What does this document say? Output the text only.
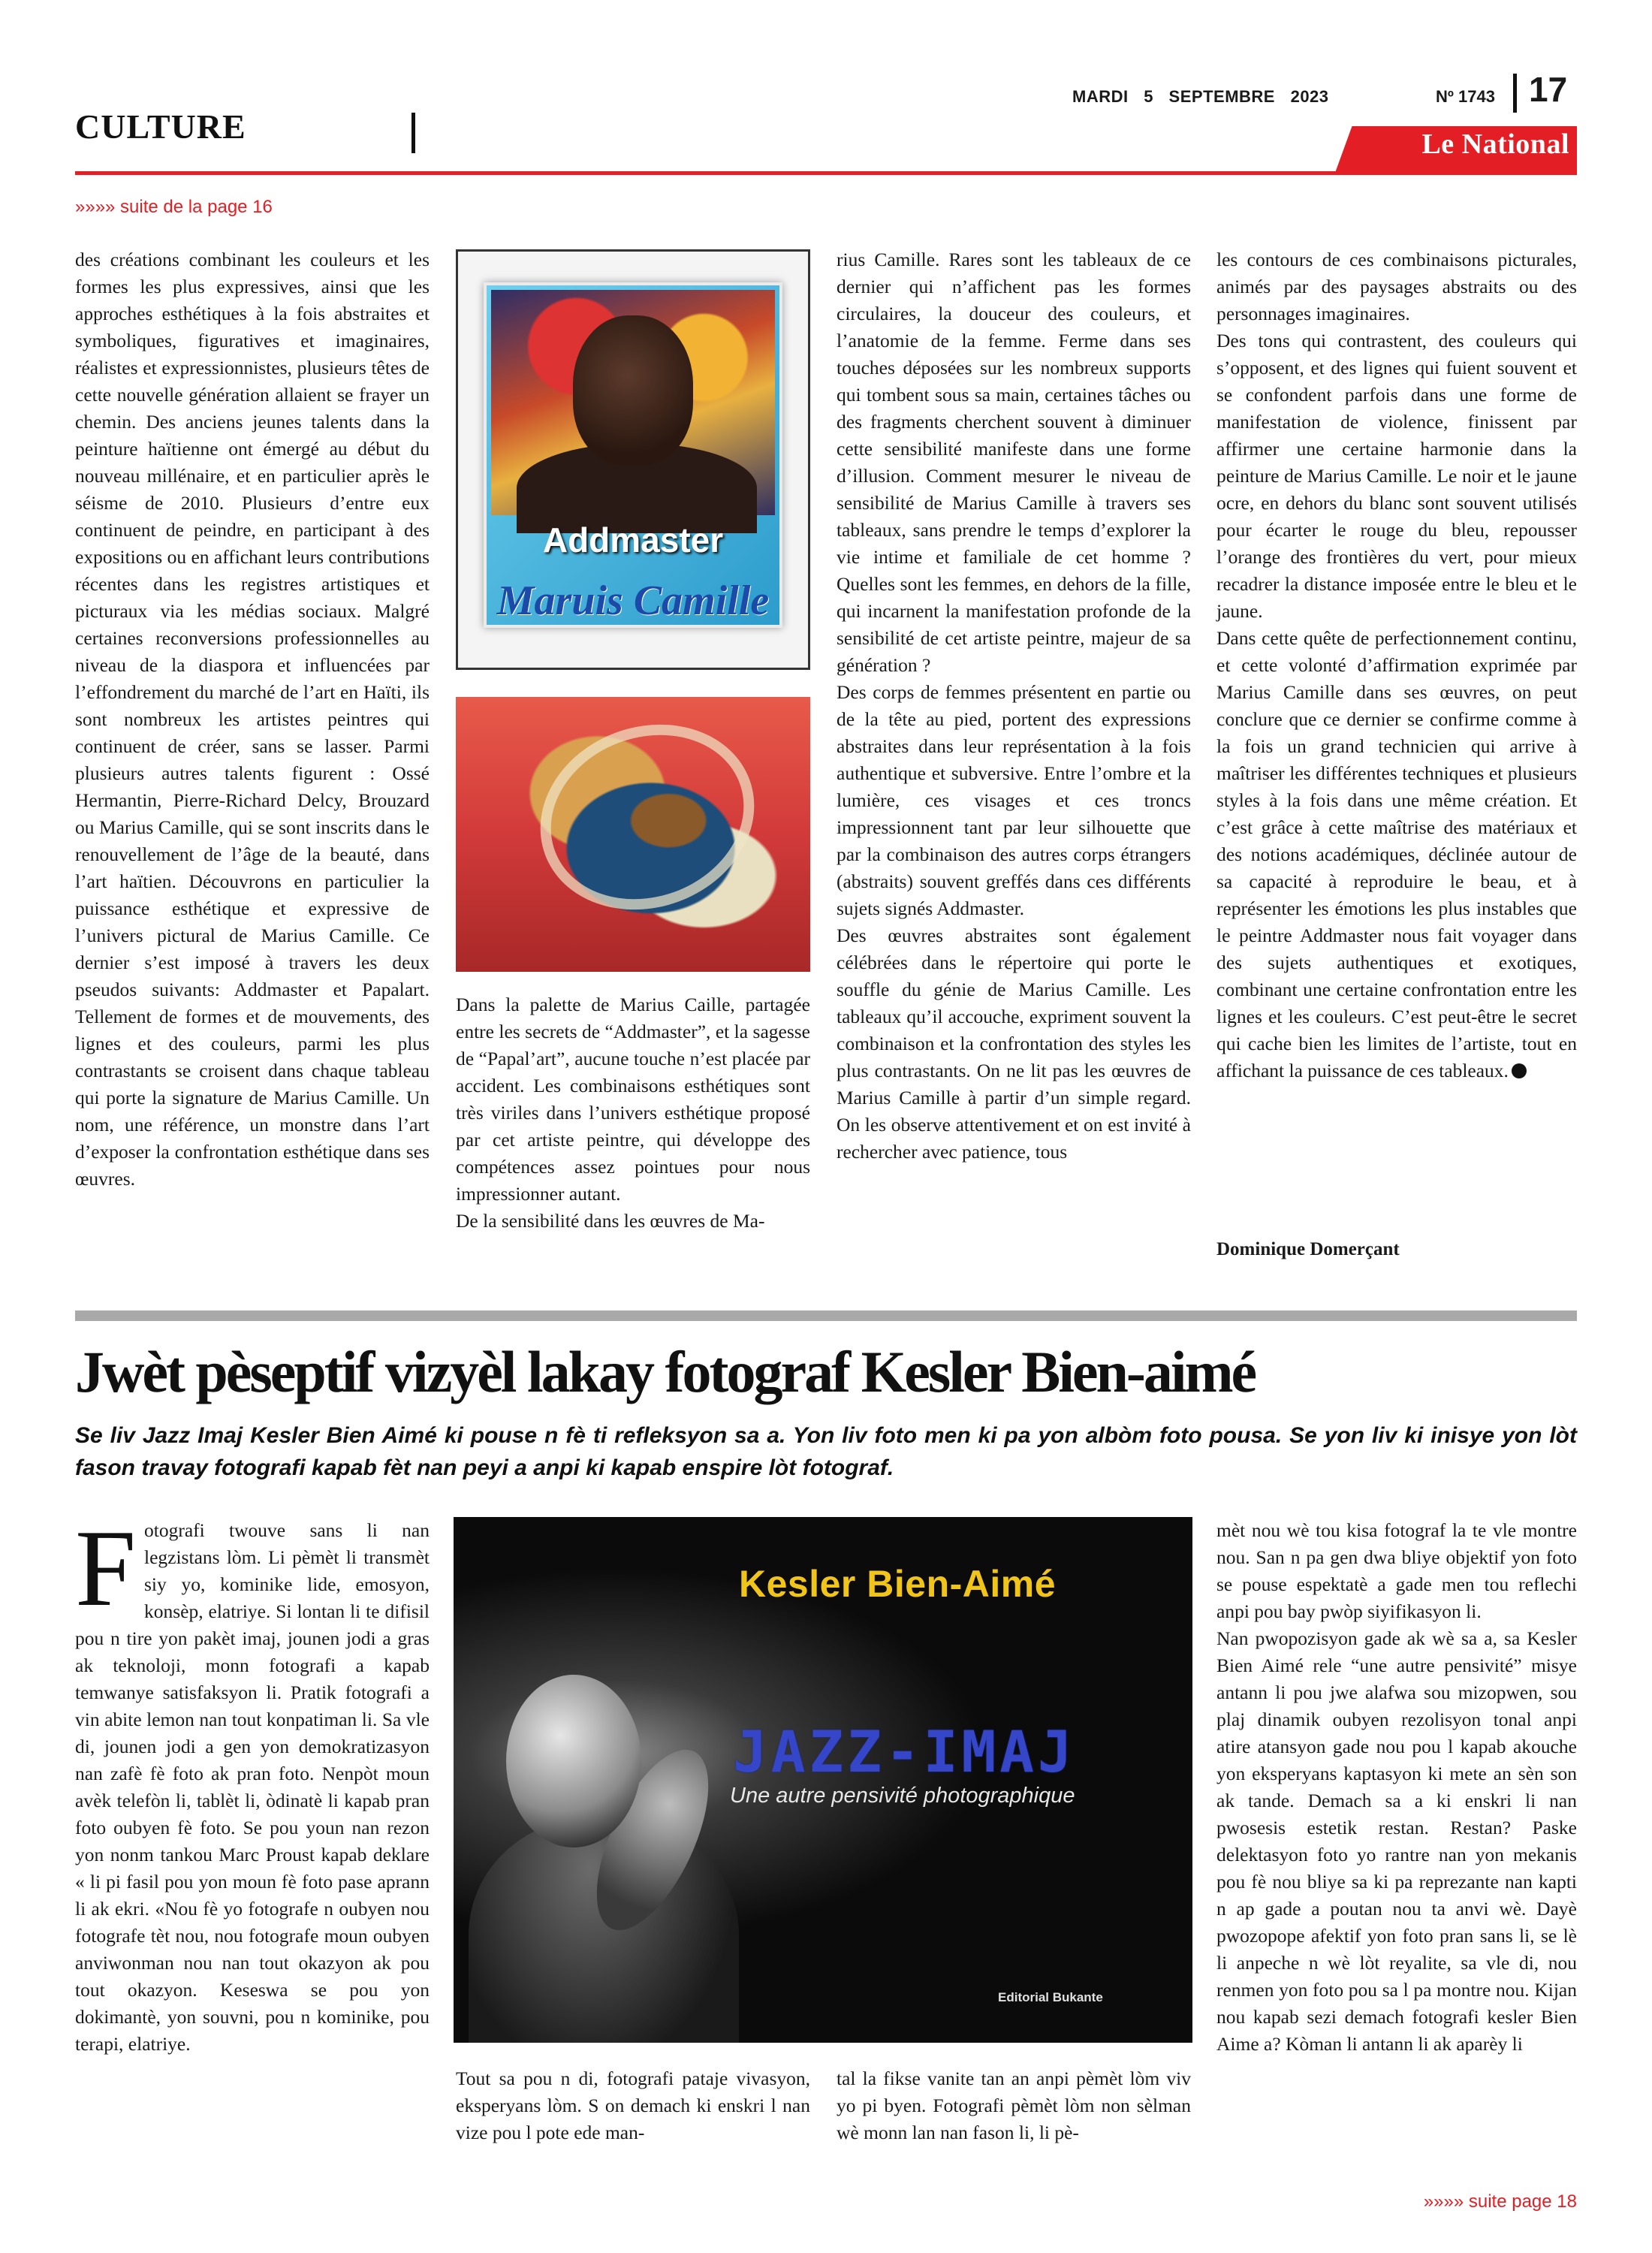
CULTURE
MARDI 5 SEPTEMBRE 2023	Nº 1743 17
Le National
»»»» suite de la page 16

des créations combinant les couleurs et les formes les plus expressives, ainsi que les approches esthétiques à la fois abstraites et symboliques, figuratives et imaginaires, réalistes et expressionnistes, plusieurs têtes de cette nouvelle génération allaient se frayer un chemin. Des anciens jeunes talents dans la peinture haïtienne ont émergé au début du nouveau millénaire, et en particulier après le séisme de 2010. Plusieurs d’entre eux continuent de peindre, en participant à des expositions ou en affichant leurs contributions récentes dans les registres artistiques et picturaux via les médias sociaux. Malgré certaines reconversions professionnelles au niveau de la diaspora et influencées par l’effondrement du marché de l’art en Haïti, ils sont nombreux les artistes peintres qui continuent de créer, sans se lasser. Parmi plusieurs autres talents figurent : Ossé Hermantin, Pierre-Richard Delcy, Brouzard ou Marius Camille, qui se sont inscrits dans le renouvellement de l’âge de la beauté, dans l’art haïtien. Découvrons en particulier la puissance esthétique et expressive de l’univers pictural de Marius Camille. Ce dernier s’est imposé à travers les deux pseudos suivants: Addmaster et Papalart. Tellement de formes et de mouvements, des lignes et des couleurs, parmi les plus contrastants se croisent dans chaque tableau qui porte la signature de Marius Camille. Un nom, une référence, un monstre dans l’art d’exposer la confrontation esthétique dans ses œuvres.

Addmaster
Maruis Camille

Dans la palette de Marius Caille, partagée entre les secrets de “Addmaster”, et la sagesse de “Papal’art”, aucune touche n’est placée par accident. Les combinaisons esthétiques sont très viriles dans l’univers esthétique proposé par cet artiste peintre, qui développe des compétences assez pointues pour nous impressionner autant.

De la sensibilité dans les œuvres de Ma-

rius Camille. Rares sont les tableaux de ce dernier qui n’affichent pas les formes circulaires, la douceur des couleurs, et l’anatomie de la femme. Ferme dans ses touches déposées sur les nombreux supports qui tombent sous sa main, certaines tâches ou des fragments cherchent souvent à diminuer cette sensibilité manifeste dans une forme d’illusion. Comment mesurer le niveau de sensibilité de Marius Camille à travers ses tableaux, sans prendre le temps d’explorer la vie intime et familiale de cet homme ? Quelles sont les femmes, en dehors de la fille, qui incarnent la manifestation profonde de la sensibilité de cet artiste peintre, majeur de sa génération ?

Des corps de femmes présentent en partie ou de la tête au pied, portent des expressions abstraites dans leur représentation à la fois authentique et subversive. Entre l’ombre et la lumière, ces visages et ces troncs impressionnent tant par leur silhouette que par la combinaison des autres corps étrangers (abstraits) souvent greffés dans ces différents sujets signés Addmaster.

Des œuvres abstraites sont également célébrées dans le répertoire qui porte le souffle du génie de Marius Camille. Les tableaux qu’il accouche, expriment souvent la combinaison et la confrontation des styles les plus contrastants. On ne lit pas les œuvres de Marius Camille à partir d’un simple regard. On les observe attentivement et on est invité à rechercher avec patience, tous

les contours de ces combinaisons picturales, animés par des paysages abstraits ou des personnages imaginaires.

Des tons qui contrastent, des couleurs qui s’opposent, et des lignes qui fuient souvent et se confondent parfois dans une forme de manifestation de violence, finissent par affirmer une certaine harmonie dans la peinture de Marius Camille. Le noir et le jaune ocre, en dehors du blanc sont souvent utilisés pour écarter le rouge du bleu, repousser l’orange des frontières du vert, pour mieux recadrer la distance imposée entre le bleu et le jaune.

Dans cette quête de perfectionnement continu, et cette volonté d’affirmation exprimée par Marius Camille dans ses œuvres, on peut conclure que ce dernier se confirme comme à la fois un grand technicien qui arrive à maîtriser les différentes techniques et plusieurs styles à la fois dans une même création. Et c’est grâce à cette maîtrise des matériaux et des notions académiques, déclinée autour de sa capacité à reproduire le beau, et à représenter les émotions les plus instables que le peintre Addmaster nous fait voyager dans des sujets authentiques et exotiques, combinant une certaine confrontation entre les lignes et les couleurs. C’est peut-être le secret qui cache bien les limites de l’artiste, tout en affichant la puissance de ces tableaux.

Dominique Domerçant
Jwèt pèseptif vizyèl lakay fotograf Kesler Bien-aimé
Se liv Jazz Imaj Kesler Bien Aimé ki pouse n fè ti refleksyon sa a. Yon liv foto men ki pa yon albòm foto pousa. Se yon liv ki inisye yon lòt fason travay fotografi kapab fèt nan peyi a anpi ki kapab enspire lòt fotograf.
F otografi twouve sans li nan legzistans lòm. Li pèmèt li transmèt siy yo, kominike lide, emosyon, konsèp, elatriye. Si lontan li te difisil pou n tire yon pakèt imaj, jounen jodi a gras ak teknoloji, monn fotografi a kapab temwanye satisfaksyon li. Pratik fotografi a vin abite lemon nan tout konpatiman li. Sa vle di, jounen jodi a gen yon demokratizasyon nan zafè fè foto ak pran foto. Nenpòt moun avèk telefòn li, tablèt li, òdinatè li kapab pran foto oubyen fè foto. Se pou youn nan rezon yon nonm tankou Marc Proust kapab deklare « li pi fasil pou yon moun fè foto pase aprann li ak ekri. «Nou fè yo fotografe n oubyen nou fotografe tèt nou, nou fotografe moun oubyen anviwonman nou nan tout okazyon ak pou tout okazyon. Keseswa se pou yon dokimantè, yon souvni, pou n kominike, pou terapi, elatriye.

Kesler Bien-Aimé
JAZZ-IMAJ
Une autre pensivité photographique
Editorial Bukante

Tout sa pou n di, fotografi pataje vivasyon, eksperyans lòm. S on demach ki enskri l nan vize pou l pote ede man-

tal la fikse vanite tan an anpi pèmèt lòm viv yo pi byen. Fotografi pèmèt lòm non sèlman wè monn lan nan fason li, li pè-

mèt nou wè tou kisa fotograf la te vle montre nou. San n pa gen dwa bliye objektif yon foto se pouse espektatè a gade men tou reflechi anpi pou bay pwòp siyifikasyon li.

Nan pwopozisyon gade ak wè sa a, sa Kesler Bien Aimé rele “une autre pensivité” misye antann li pou jwe alafwa sou mizopwen, sou plaj dinamik oubyen rezolisyon tonal anpi atire atansyon gade nou pou l kapab akouche yon eksperyans kaptasyon ki mete an sèn son ak tande. Demach sa a ki enskri li nan pwosesis estetik restan. Restan? Paske delektasyon foto yo rantre nan yon mekanis pou fè nou bliye sa ki pa reprezante nan kapti n ap gade a poutan nou ta anvi wè. Dayè pwozopope afektif yon foto pran sans li, se lè li anpeche n wè lòt reyalite, sa vle di, nou renmen yon foto pou sa l pa montre nou. Kijan nou kapab sezi demach fotografi kesler Bien Aime a? Kòman li antann li ak aparèy li

»»»» suite page 18
